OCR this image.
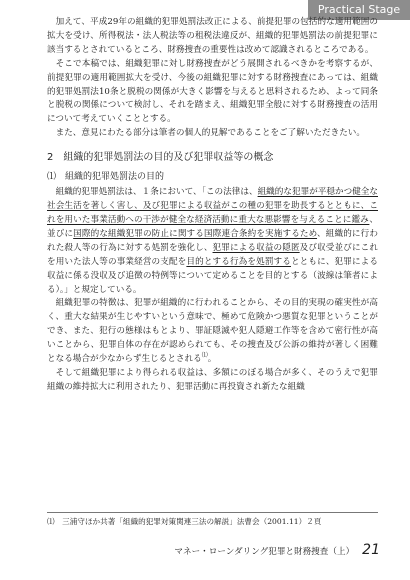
Practical Stage

加えて、平成29年の組織的犯罪処罰法改正による、前提犯罪の包括的な適用範囲の拡大を受け、所得税法・法人税法等の租税法違反が、組織的犯罪処罰法の前提犯罪に該当するとされているところ、財務捜査の重要性は改めて認識されるところである。

そこで本稿では、組織犯罪に対し財務捜査がどう展開されるべきかを考察するが、前提犯罪の適用範囲拡大を受け、今後の組織犯罪に対する財務捜査にあっては、組織的犯罪処罰法10条と脱税の関係が大きく影響を与えると思料されるため、よって同条と脱税の関係について検討し、それを踏まえ、組織犯罪全般に対する財務捜査の活用について考えていくこととする。

また、意見にわたる部分は筆者の個人的見解であることをご了解いただきたい。

2　組織的犯罪処罰法の目的及び犯罪収益等の概念
⑴　組織的犯罪処罰法の目的

組織的犯罪処罰法は、１条において、「この法律は、組織的な犯罪が平穏かつ健全な社会生活を著しく害し、及び犯罪による収益がこの種の犯罪を助長するとともに、これを用いた事業活動への干渉が健全な経済活動に重大な悪影響を与えることに鑑み、並びに国際的な組織犯罪の防止に関する国際連合条約を実施するため、組織的に行われた殺人等の行為に対する処罰を強化し、犯罪による収益の隠匿及び収受並びにこれを用いた法人等の事業経営の支配を目的とする行為を処罰するとともに、犯罪による収益に係る没収及び追徴の特例等について定めることを目的とする（波線は筆者による）。」と規定している。

組織犯罪の特徴は、犯罪が組織的に行われることから、その目的実現の確実性が高く、重大な結果が生じやすいという意味で、極めて危険かつ悪質な犯罪ということができ、また、犯行の態様はもとより、罪証隠滅や犯人隠避工作等を含めて密行性が高いことから、犯罪自体の存在が認められても、その捜査及び公訴の維持が著しく困難となる場合が少なからず生じるとされる⑴。

そして組織犯罪により得られる収益は、多額にのぼる場合が多く、そのうえで犯罪組織の維持拡大に利用されたり、犯罪活動に再投資され新たな組織

⑴　三浦守ほか共著「組織的犯罪対策関連三法の解説」法曹会（2001.11）２頁
マネー・ローンダリング犯罪と財務捜査（上） 21
